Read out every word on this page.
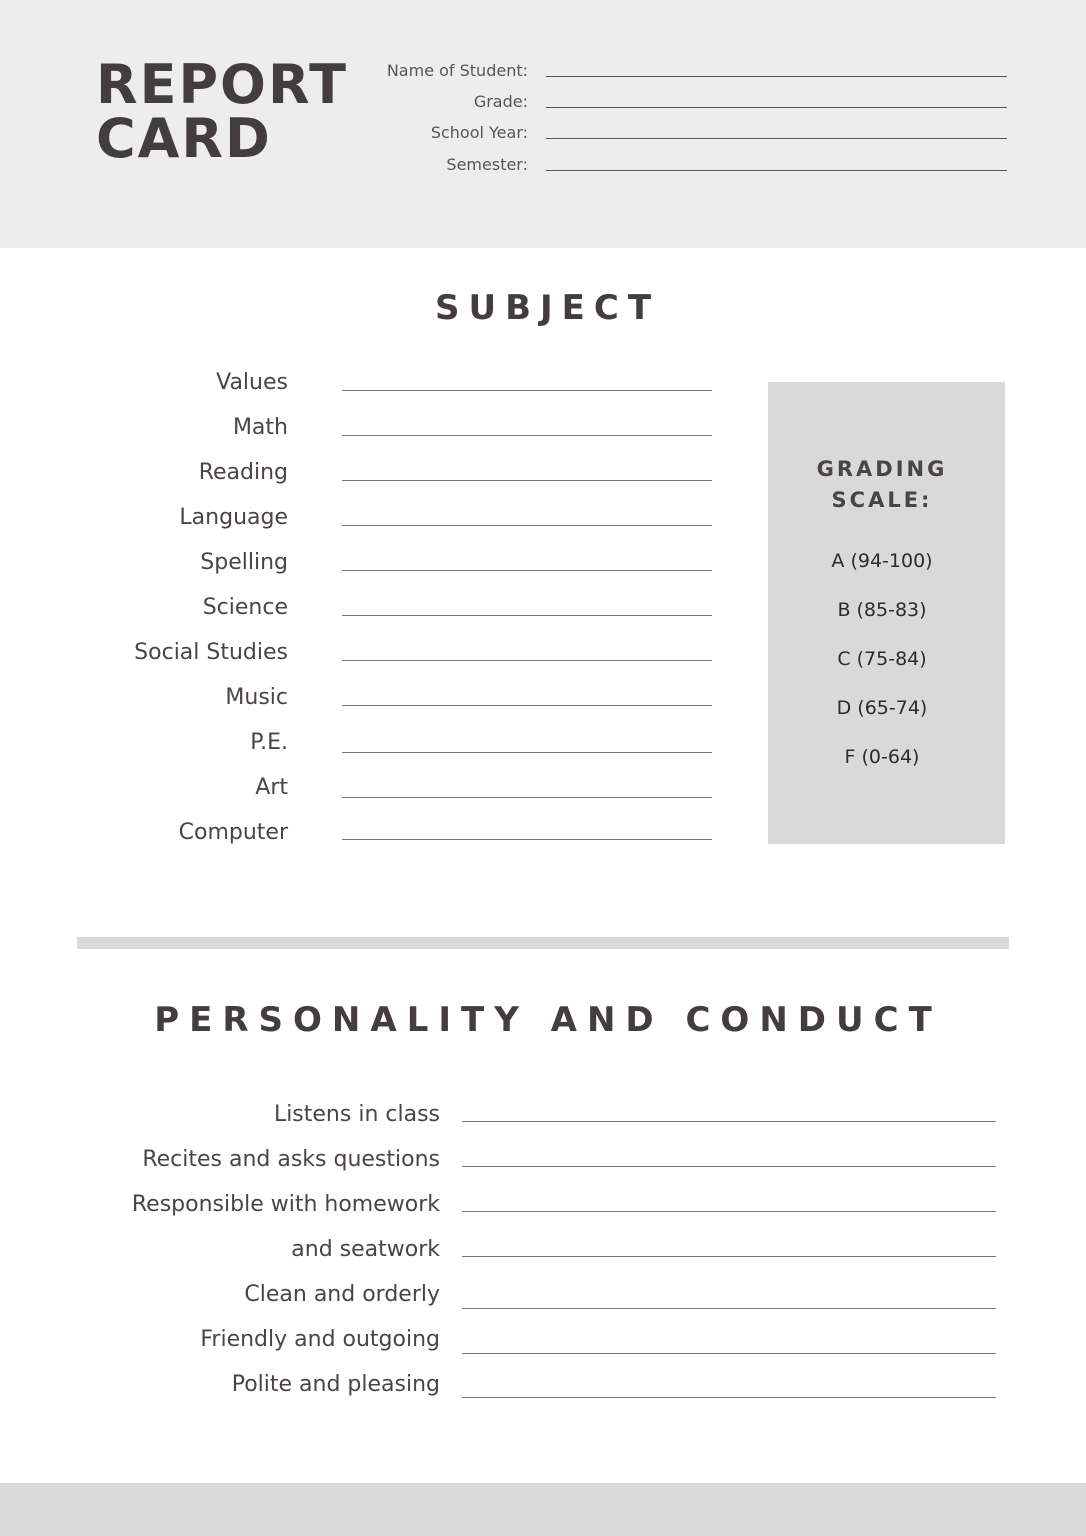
REPORT
CARD
Name of Student:
Grade:
School Year:
Semester:
SUBJECT
Values
Math
Reading
Language
Spelling
Science
Social Studies
Music
P.E.
Art
Computer
GRADING
SCALE:
A (94-100)
B (85-83)
C (75-84)
D (65-74)
F (0-64)
PERSONALITY AND CONDUCT
Listens in class
Recites and asks questions
Responsible with homework
and seatwork
Clean and orderly
Friendly and outgoing
Polite and pleasing
